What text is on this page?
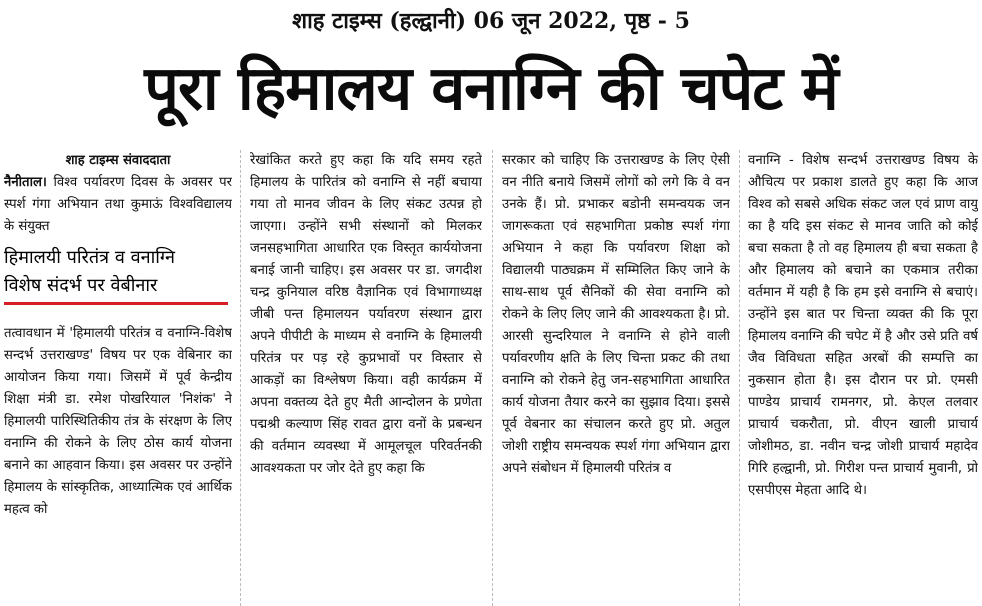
शाह टाइम्स (हल्द्वानी) 06 जून 2022, पृष्ठ - 5
पूरा हिमालय वनाग्नि की चपेट में
शाह टाइम्स संवाददाता

नैनीताल। विश्व पर्यावरण दिवस के अवसर पर स्पर्श गंगा अभियान तथा कुमाऊं विश्वविद्यालय के संयुक्त

हिमालयी परितंत्र व वनाग्नि
विशेष संदर्भ पर वेबीनार

तत्वावधान में 'हिमालयी परितंत्र व वनाग्नि-विशेष सन्दर्भ उत्तराखण्ड' विषय पर एक वेबिनार का आयोजन किया गया। जिसमें में पूर्व केन्द्रीय शिक्षा मंत्री डा. रमेश पोखरियाल 'निशंक' ने हिमालयी पारिस्थितिकीय तंत्र के संरक्षण के लिए वनाग्नि की रोकने के लिए ठोस कार्य योजना बनाने का आहवान किया। इस अवसर पर उन्होंने हिमालय के सांस्कृतिक, आध्यात्मिक एवं आर्थिक महत्व को

रेखांकित करते हुए कहा कि यदि समय रहते हिमालय के पारितंत्र को वनाग्नि से नहीं बचाया गया तो मानव जीवन के लिए संकट उत्पन्न हो जाएगा। उन्होंने सभी संस्थानों को मिलकर जनसहभागिता आधारित एक विस्तृत कार्ययोजना बनाई जानी चाहिए। इस अवसर पर डा. जगदीश चन्द्र कुनियाल वरिष्ठ वैज्ञानिक एवं विभागाध्यक्ष जीबी पन्त हिमालयन पर्यावरण संस्थान द्वारा अपने पीपीटी के माध्यम से वनाग्नि के हिमालयी परितंत्र पर पड़ रहे कुप्रभावों पर विस्तार से आकड़ों का विश्लेषण किया। वही कार्यक्रम में अपना वक्तव्य देते हुए मैती आन्दोलन के प्रणेता पद्मश्री कल्याण सिंह रावत द्वारा वनों के प्रबन्धन की वर्तमान व्यवस्था में आमूलचूल परिवर्तनकी आवश्यकता पर जोर देते हुए कहा कि

सरकार को चाहिए कि उत्तराखण्ड के लिए ऐसी वन नीति बनाये जिसमें लोगों को लगे कि वे वन उनके हैं। प्रो. प्रभाकर बडोनी समन्वयक जन जागरूकता एवं सहभागिता प्रकोष्ठ स्पर्श गंगा अभियान ने कहा कि पर्यावरण शिक्षा को विद्यालयी पाठ्यक्रम में सम्मिलित किए जाने के साथ-साथ पूर्व सैनिकों की सेवा वनाग्नि को रोकने के लिए लिए जाने की आवश्यकता है। प्रो. आरसी सुन्दरियाल ने वनाग्नि से होने वाली पर्यावरणीय क्षति के लिए चिन्ता प्रकट की तथा वनाग्नि को रोकने हेतु जन-सहभागिता आधारित कार्य योजना तैयार करने का सुझाव दिया। इससे पूर्व वेबनार का संचालन करते हुए प्रो. अतुल जोशी राष्ट्रीय समन्वयक स्पर्श गंगा अभियान द्वारा अपने संबोधन में हिमालयी परितंत्र व

वनाग्नि - विशेष सन्दर्भ उत्तराखण्ड विषय के औचित्य पर प्रकाश डालते हुए कहा कि आज विश्व को सबसे अधिक संकट जल एवं प्राण वायु का है यदि इस संकट से मानव जाति को कोई बचा सकता है तो वह हिमालय ही बचा सकता है और हिमालय को बचाने का एकमात्र तरीका वर्तमान में यही है कि हम इसे वनाग्नि से बचाएं। उन्होंने इस बात पर चिन्ता व्यक्त की कि पूरा हिमालय वनाग्नि की चपेट में है और उसे प्रति वर्ष जैव विविधता सहित अरबों की सम्पत्ति का नुकसान होता है। इस दौरान पर प्रो. एमसी पाण्डेय प्राचार्य रामनगर, प्रो. केएल तलवार प्राचार्य चकरौता, प्रो. वीएन खाली प्राचार्य जोशीमठ, डा. नवीन चन्द्र जोशी प्राचार्य महादेव गिरि हल्द्वानी, प्रो. गिरीश पन्त प्राचार्य मुवानी, प्रो एसपीएस मेहता आदि थे।
